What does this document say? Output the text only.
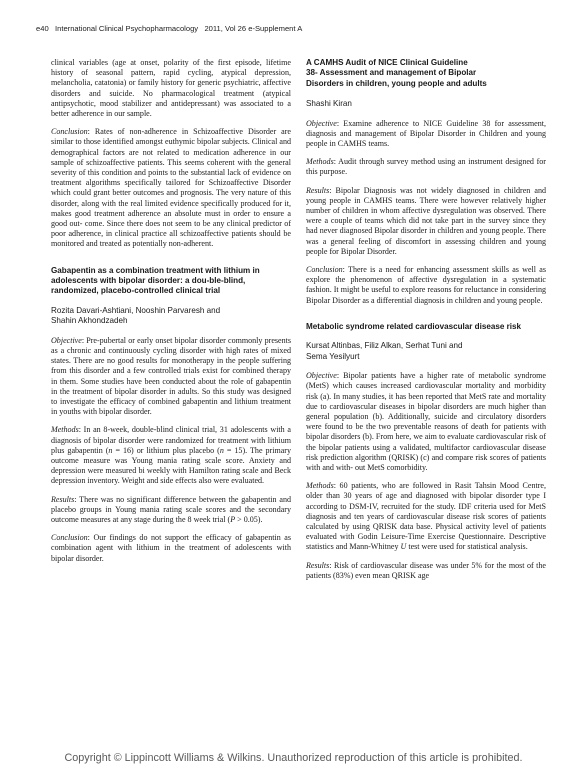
e40 International Clinical Psychopharmacology 2011, Vol 26 e-Supplement A

clinical variables (age at onset, polarity of the first episode, lifetime history of seasonal pattern, rapid cycling, atypical depression, melancholia, catatonia) or family history for generic psychiatric, affective disorders and suicide. No pharmacological treatment (atypical antipsychotic, mood stabilizer and antidepressant) was associated to a better adherence in our sample.

Conclusion: Rates of non-adherence in Schizoaffective Disorder are similar to those identified amongst euthymic bipolar subjects. Clinical and demographical factors are not related to medication adherence in our sample of schizoaffective patients. This seems coherent with the general severity of this condition and points to the substantial lack of evidence on treatment algorithms specifically tailored for Schizoaffective Disorder which could grant better outcomes and prognosis. The very nature of this disorder, along with the real limited evidence specifically produced for it, makes good treatment adherence an absolute must in order to ensure a good out- come. Since there does not seem to be any clinical predictor of poor adherence, in clinical practice all schizoaffective patients should be monitored and treated as potentially non-adherent.

Gabapentin as a combination treatment with lithium in adolescents with bipolar disorder: a dou-ble-blind, randomized, placebo-controlled clinical trial
Rozita Davari-Ashtiani, Nooshin Parvaresh and
Shahin Akhondzadeh

Objective: Pre-pubertal or early onset bipolar disorder commonly presents as a chronic and continuously cycling disorder with high rates of mixed states. There are no good results for monotherapy in the people suffering from this disorder and a few controlled trials exist for combined therapy in them. Some studies have been conducted about the role of gabapentin in the treatment of bipolar disorder in adults. So this study was designed to investigate the efficacy of combined gabapentin and lithium treatment in youths with bipolar disorder.

Methods: In an 8-week, double-blind clinical trial, 31 adolescents with a diagnosis of bipolar disorder were randomized for treatment with lithium plus gabapentin (n = 16) or lithium plus placebo (n = 15). The primary outcome measure was Young mania rating scale score. Anxiety and depression were measured bi weekly with Hamilton rating scale and Beck depression inventory. Weight and side effects also were evaluated.

Results: There was no significant difference between the gabapentin and placebo groups in Young mania rating scale scores and the secondary outcome measures at any stage during the 8 week trial (P > 0.05).

Conclusion: Our findings do not support the efficacy of gabapentin as combination agent with lithium in the treatment of adolescents with bipolar disorder.

A CAMHS Audit of NICE Clinical Guideline
38- Assessment and management of Bipolar
Disorders in children, young people and adults
Shashi Kiran

Objective: Examine adherence to NICE Guideline 38 for assessment, diagnosis and management of Bipolar Disorder in Children and young people in CAMHS teams.

Methods: Audit through survey method using an instrument designed for this purpose.

Results: Bipolar Diagnosis was not widely diagnosed in children and young people in CAMHS teams. There were however relatively higher number of children in whom affective dysregulation was observed. There were a couple of teams which did not take part in the survey since they had never diagnosed Bipolar disorder in children and young people. There was a general feeling of discomfort in assessing children and young people for Bipolar Disorder.

Conclusion: There is a need for enhancing assessment skills as well as explore the phenomenon of affective dysregulation in a systematic fashion. It might be useful to explore reasons for reluctance in considering Bipolar Disorder as a differential diagnosis in children and young people.

Metabolic syndrome related cardiovascular disease risk
Kursat Altinbas, Filiz Alkan, Serhat Tuni and
Sema Yesilyurt

Objective: Bipolar patients have a higher rate of metabolic syndrome (MetS) which causes increased cardiovascular mortality and morbidity risk (a). In many studies, it has been reported that MetS rate and mortality due to cardiovascular diseases in bipolar disorders are much higher than general population (b). Additionally, suicide and circulatory disorders were found to be the two preventable reasons of death for patients with bipolar disorders (b). From here, we aim to evaluate cardiovascular risk of the bipolar patients using a validated, multifactor cardiovascular disease risk prediction algorithm (QRISK) (c) and compare risk scores of patients with and with- out MetS comorbidity.

Methods: 60 patients, who are followed in Rasit Tahsin Mood Centre, older than 30 years of age and diagnosed with bipolar disorder type I according to DSM-IV, recruited for the study. IDF criteria used for MetS diagnosis and ten years of cardiovascular disease risk scores of patients calculated by using QRISK data base. Physical activity level of patients evaluated with Godin Leisure-Time Exercise Questionnaire. Descriptive statistics and Mann-Whitney U test were used for statistical analysis.

Results: Risk of cardiovascular disease was under 5% for the most of the patients (83%) even mean QRISK age

Copyright © Lippincott Williams & Wilkins. Unauthorized reproduction of this article is prohibited.
